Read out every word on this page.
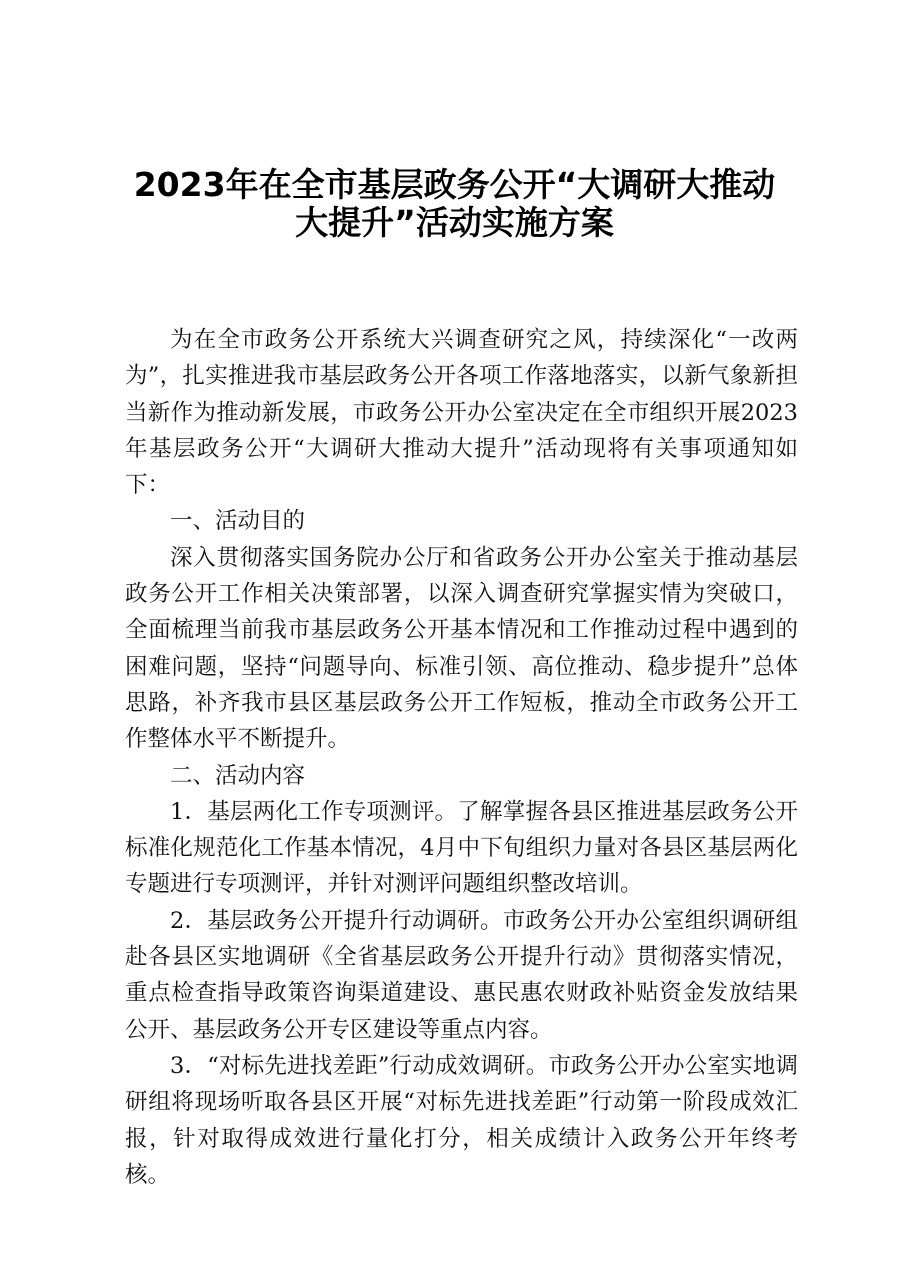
2023年在全市基层政务公开“大调研大推动
大提升”活动实施方案

为在全市政务公开系统大兴调查研究之风，持续深化“一改两为”，扎实推进我市基层政务公开各项工作落地落实，以新气象新担当新作为推动新发展，市政务公开办公室决定在全市组织开展2023年基层政务公开“大调研大推动大提升”活动现将有关事项通知如下：

一、活动目的

深入贯彻落实国务院办公厅和省政务公开办公室关于推动基层政务公开工作相关决策部署，以深入调查研究掌握实情为突破口，全面梳理当前我市基层政务公开基本情况和工作推动过程中遇到的困难问题，坚持“问题导向、标准引领、高位推动、稳步提升”总体思路，补齐我市县区基层政务公开工作短板，推动全市政务公开工作整体水平不断提升。

二、活动内容

1．基层两化工作专项测评。了解掌握各县区推进基层政务公开标准化规范化工作基本情况，4月中下旬组织力量对各县区基层两化专题进行专项测评，并针对测评问题组织整改培训。

2．基层政务公开提升行动调研。市政务公开办公室组织调研组赴各县区实地调研《全省基层政务公开提升行动》贯彻落实情况，重点检查指导政策咨询渠道建设、惠民惠农财政补贴资金发放结果公开、基层政务公开专区建设等重点内容。

3．“对标先进找差距”行动成效调研。市政务公开办公室实地调研组将现场听取各县区开展“对标先进找差距”行动第一阶段成效汇报，针对取得成效进行量化打分，相关成绩计入政务公开年终考核。
